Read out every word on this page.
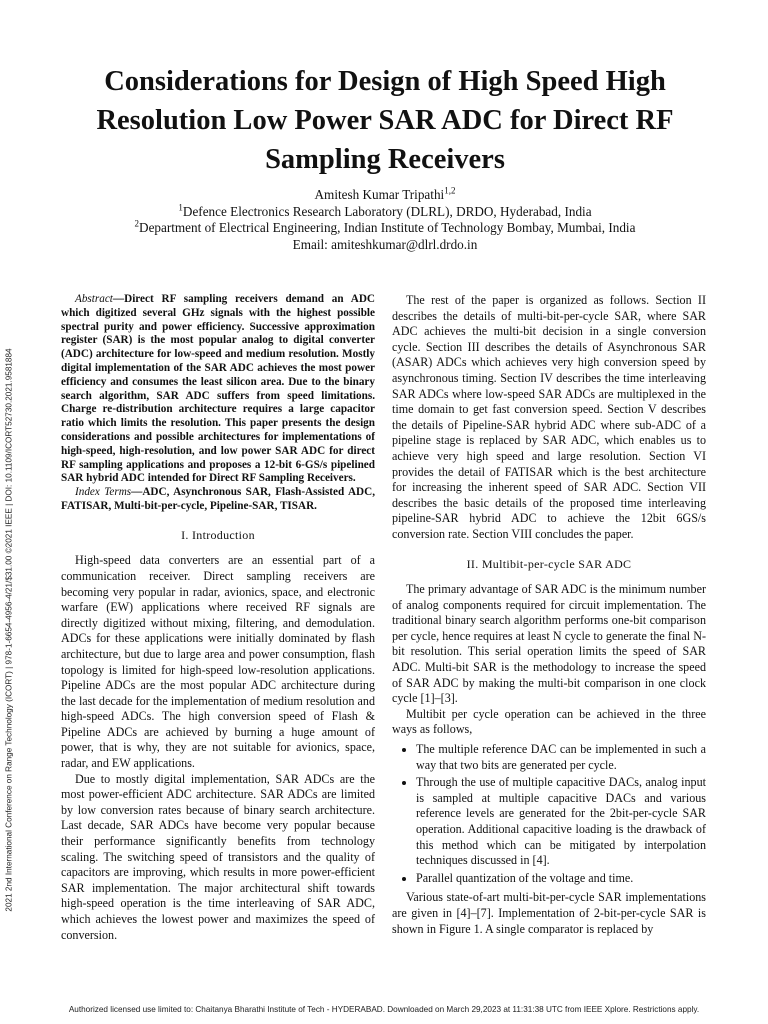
2021 2nd International Conference on Range Technology (ICORT) | 978-1-6654-4956-4/21/$31.00 ©2021 IEEE | DOI: 10.1109/ICORT52730.2021.9581884
Considerations for Design of High Speed High Resolution Low Power SAR ADC for Direct RF Sampling Receivers
Amitesh Kumar Tripathi$^{1,2}$
$^1$Defence Electronics Research Laboratory (DLRL), DRDO, Hyderabad, India
$^2$Department of Electrical Engineering, Indian Institute of Technology Bombay, Mumbai, India
Email: amiteshkumar@dlrl.drdo.in

Abstract—Direct RF sampling receivers demand an ADC which digitized several GHz signals with the highest possible spectral purity and power efficiency. Successive approximation register (SAR) is the most popular analog to digital converter (ADC) architecture for low-speed and medium resolution. Mostly digital implementation of the SAR ADC achieves the most power efficiency and consumes the least silicon area. Due to the binary search algorithm, SAR ADC suffers from speed limitations. Charge re-distribution architecture requires a large capacitor ratio which limits the resolution. This paper presents the design considerations and possible architectures for implementations of high-speed, high-resolution, and low power SAR ADC for direct RF sampling applications and proposes a 12-bit 6-GS/s pipelined SAR hybrid ADC intended for Direct RF Sampling Receivers.

Index Terms—ADC, Asynchronous SAR, Flash-Assisted ADC, FATISAR, Multi-bit-per-cycle, Pipeline-SAR, TISAR.
I. Introduction

High-speed data converters are an essential part of a communication receiver. Direct sampling receivers are becoming very popular in radar, avionics, space, and electronic warfare (EW) applications where received RF signals are directly digitized without mixing, filtering, and demodulation. ADCs for these applications were initially dominated by flash architecture, but due to large area and power consumption, flash topology is limited for high-speed low-resolution applications. Pipeline ADCs are the most popular ADC architecture during the last decade for the implementation of medium resolution and high-speed ADCs. The high conversion speed of Flash & Pipeline ADCs are achieved by burning a huge amount of power, that is why, they are not suitable for avionics, space, radar, and EW applications.

Due to mostly digital implementation, SAR ADCs are the most power-efficient ADC architecture. SAR ADCs are limited by low conversion rates because of binary search architecture. Last decade, SAR ADCs have become very popular because their performance significantly benefits from technology scaling. The switching speed of transistors and the quality of capacitors are improving, which results in more power-efficient SAR implementation. The major architectural shift towards high-speed operation is the time interleaving of SAR ADC, which achieves the lowest power and maximizes the speed of conversion.

The rest of the paper is organized as follows. Section II describes the details of multi-bit-per-cycle SAR, where SAR ADC achieves the multi-bit decision in a single conversion cycle. Section III describes the details of Asynchronous SAR (ASAR) ADCs which achieves very high conversion speed by asynchronous timing. Section IV describes the time interleaving SAR ADCs where low-speed SAR ADCs are multiplexed in the time domain to get fast conversion speed. Section V describes the details of Pipeline-SAR hybrid ADC where sub-ADC of a pipeline stage is replaced by SAR ADC, which enables us to achieve very high speed and large resolution. Section VI provides the detail of FATISAR which is the best architecture for increasing the inherent speed of SAR ADC. Section VII describes the basic details of the proposed time interleaving pipeline-SAR hybrid ADC to achieve the 12bit 6GS/s conversion rate. Section VIII concludes the paper.

II. Multibit-per-cycle SAR ADC

The primary advantage of SAR ADC is the minimum number of analog components required for circuit implementation. The traditional binary search algorithm performs one-bit comparison per cycle, hence requires at least N cycle to generate the final N-bit resolution. This serial operation limits the speed of SAR ADC. Multi-bit SAR is the methodology to increase the speed of SAR ADC by making the multi-bit comparison in one clock cycle [1]–[3].

Multibit per cycle operation can be achieved in the three ways as follows,

• The multiple reference DAC can be implemented in such a way that two bits are generated per cycle.
• Through the use of multiple capacitive DACs, analog input is sampled at multiple capacitive DACs and various reference levels are generated for the 2bit-per-cycle SAR operation. Additional capacitive loading is the drawback of this method which can be mitigated by interpolation techniques discussed in [4].
• Parallel quantization of the voltage and time.

Various state-of-art multi-bit-per-cycle SAR implementations are given in [4]–[7]. Implementation of 2-bit-per-cycle SAR is shown in Figure 1. A single comparator is replaced by

Authorized licensed use limited to: Chaitanya Bharathi Institute of Tech - HYDERABAD. Downloaded on March 29,2023 at 11:31:38 UTC from IEEE Xplore. Restrictions apply.
